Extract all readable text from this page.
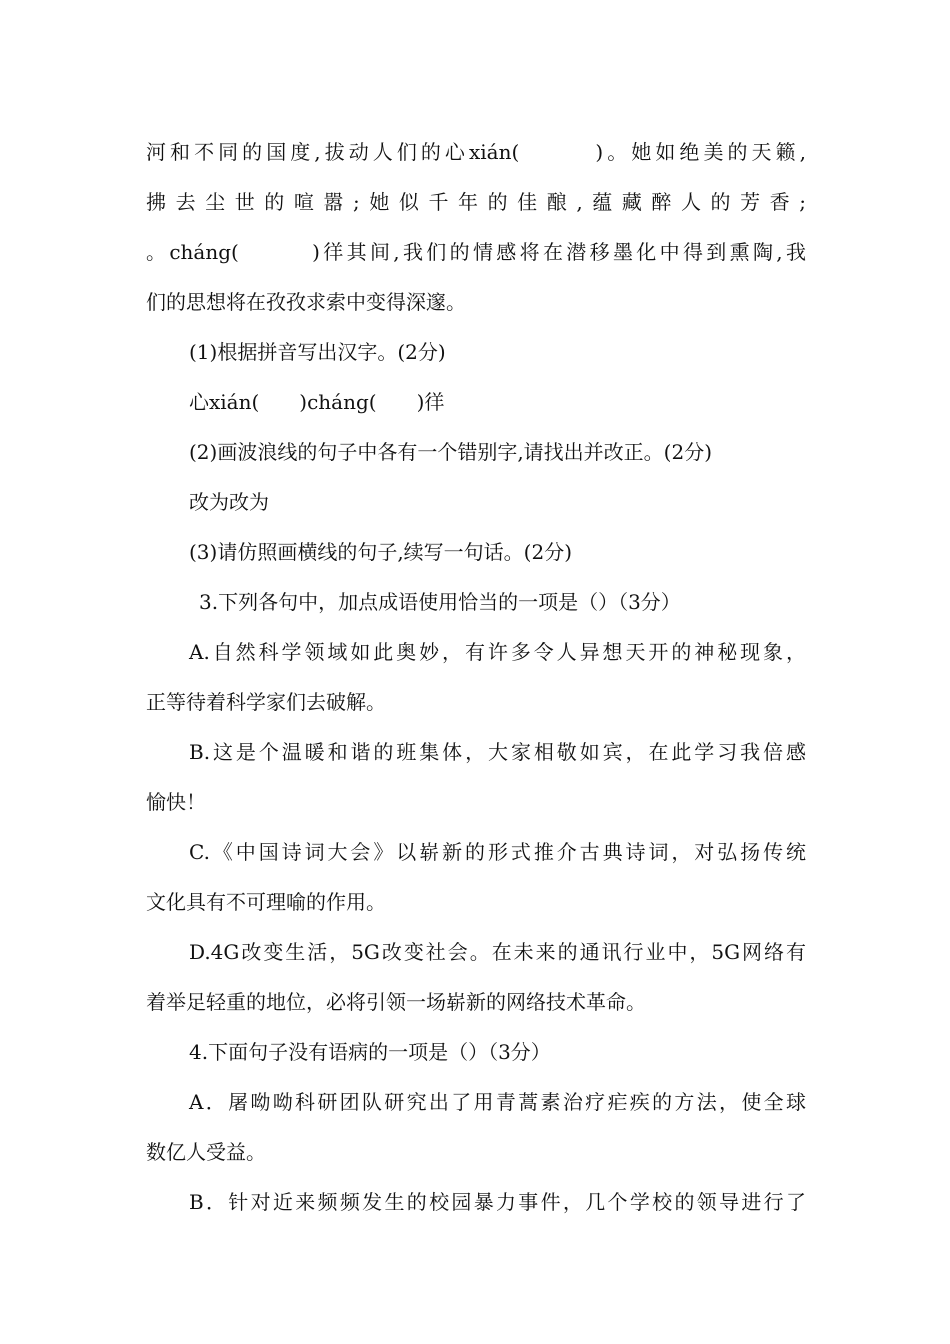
河和不同的国度,拔动人们的心xián(　　　)。她如绝美的天籁,
拂去尘世的喧嚣;她似千年的佳酿,蕴藏醉人的芳香;
。cháng(　　　)徉其间,我们的情感将在潜移墨化中得到熏陶,我
们的思想将在孜孜求索中变得深邃。
(1)根据拼音写出汉字。(2分)
心xián(　　)cháng(　　)徉
(2)画波浪线的句子中各有一个错别字,请找出并改正。(2分)
改为改为
(3)请仿照画横线的句子,续写一句话。(2分)
3.下列各句中，加点成语使用恰当的一项是（）（3分）
A.自然科学领域如此奥妙，有许多令人异想天开的神秘现象，
正等待着科学家们去破解。
B.这是个温暖和谐的班集体，大家相敬如宾，在此学习我倍感
愉快！
C.《中国诗词大会》以崭新的形式推介古典诗词，对弘扬传统
文化具有不可理喻的作用。
D.4G改变生活，5G改变社会。在未来的通讯行业中，5G网络有
着举足轻重的地位，必将引领一场崭新的网络技术革命。
4.下面句子没有语病的一项是（）（3分）
A．屠呦呦科研团队研究出了用青蒿素治疗疟疾的方法，使全球
数亿人受益。
B．针对近来频频发生的校园暴力事件，几个学校的领导进行了
